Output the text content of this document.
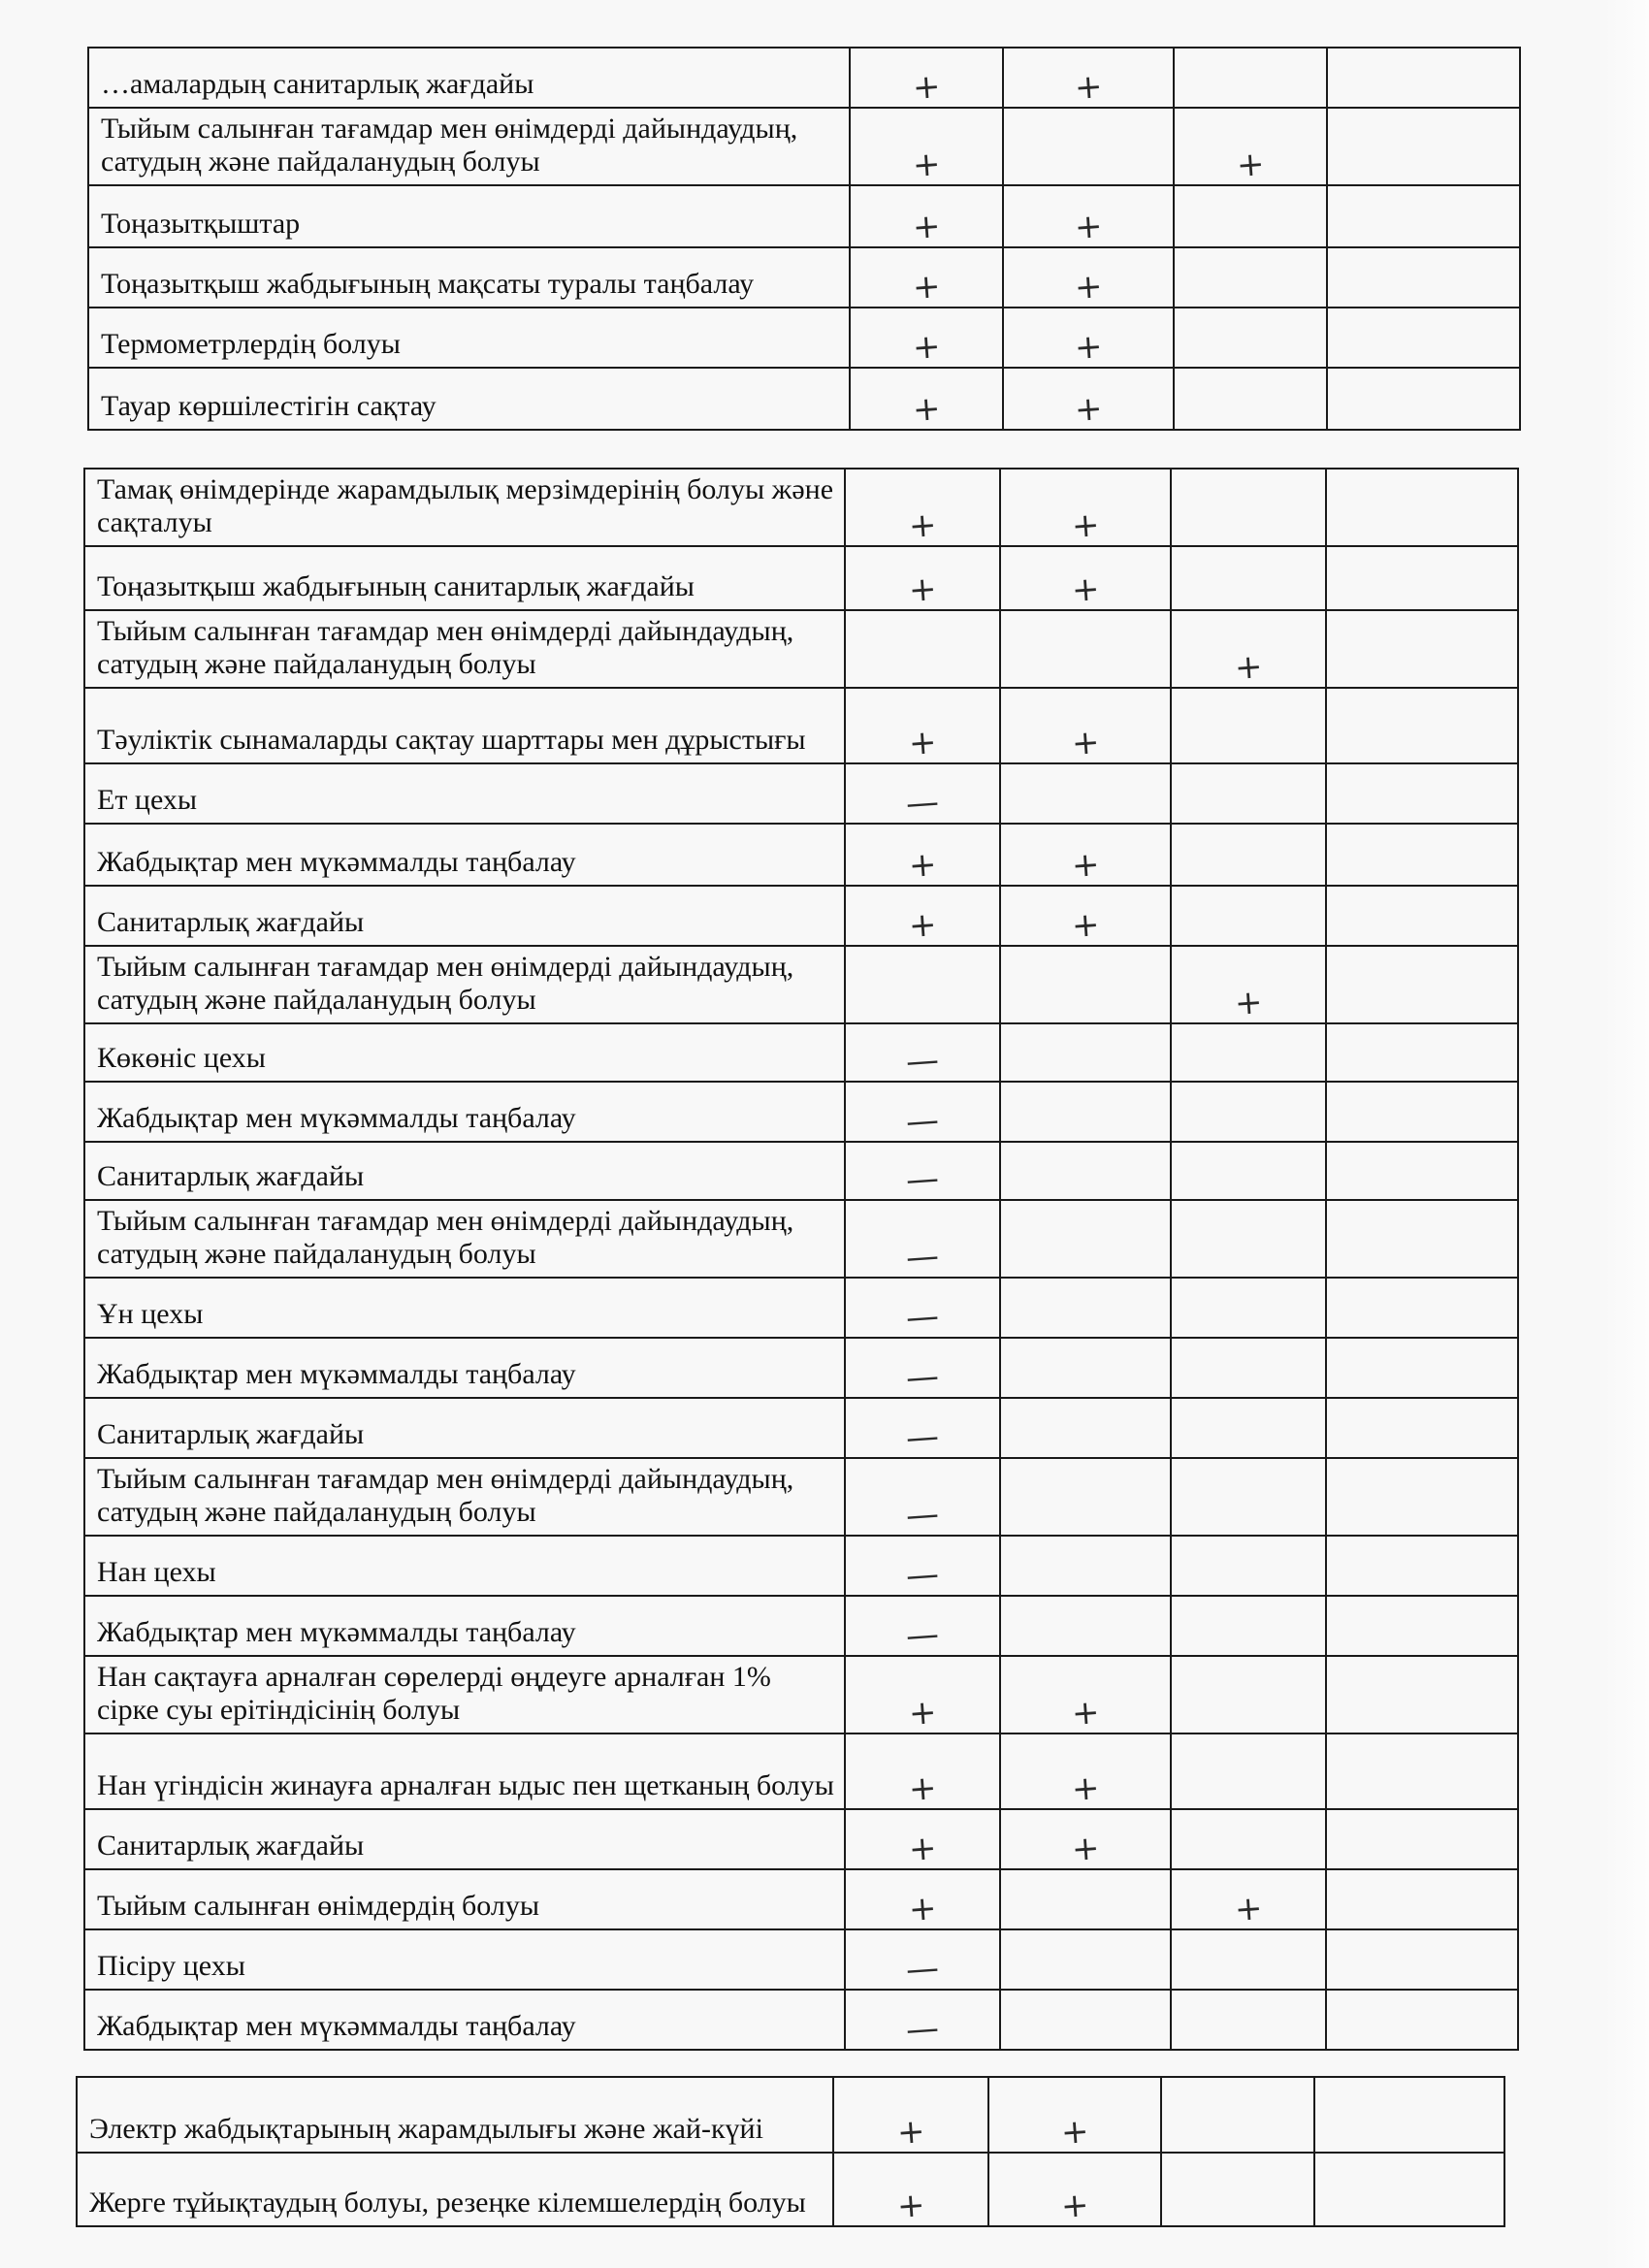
…амалардың санитарлық жағдайы	+	+		
Тыйым салынған тағамдар мен өнімдерді дайындаудың, сатудың және пайдаланудың болуы	+		+	
Тоңазытқыштар	+	+		
Тоңазытқыш жабдығының мақсаты туралы таңбалау	+	+		
Термометрлердің болуы	+	+		
Тауар көршілестігін сақтау	+	+		
Тамақ өнімдерінде жарамдылық мерзімдерінің болуы және сақталуы	+	+		
Тоңазытқыш жабдығының санитарлық жағдайы	+	+		
Тыйым салынған тағамдар мен өнімдерді дайындаудың, сатудың және пайдаланудың болуы			+	
Тәуліктік сынамаларды сақтау шарттары мен дұрыстығы	+	+		
Ет цехы	—			
Жабдықтар мен мүкәммалды таңбалау	+	+		
Санитарлық жағдайы	+	+		
Тыйым салынған тағамдар мен өнімдерді дайындаудың, сатудың және пайдаланудың болуы			+	
Көкөніс цехы	—			
Жабдықтар мен мүкәммалды таңбалау	—			
Санитарлық жағдайы	—			
Тыйым салынған тағамдар мен өнімдерді дайындаудың, сатудың және пайдаланудың болуы	—			
Ұн цехы	—			
Жабдықтар мен мүкәммалды таңбалау	—			
Санитарлық жағдайы	—			
Тыйым салынған тағамдар мен өнімдерді дайындаудың, сатудың және пайдаланудың болуы	—			
Нан цехы	—			
Жабдықтар мен мүкәммалды таңбалау	—			
Нан сақтауға арналған сөрелерді өңдеуге арналған 1% сірке суы ерітіндісінің болуы	+	+		
Нан үгіндісін жинауға арналған ыдыс пен щетканың болуы	+	+		
Санитарлық жағдайы	+	+		
Тыйым салынған өнімдердің болуы	+		+	
Пісіру цехы	—			
Жабдықтар мен мүкәммалды таңбалау	—			
Электр жабдықтарының жарамдылығы және жай-күйі	+	+		
Жерге тұйықтаудың болуы, резеңке кілемшелердің болуы	+	+		
